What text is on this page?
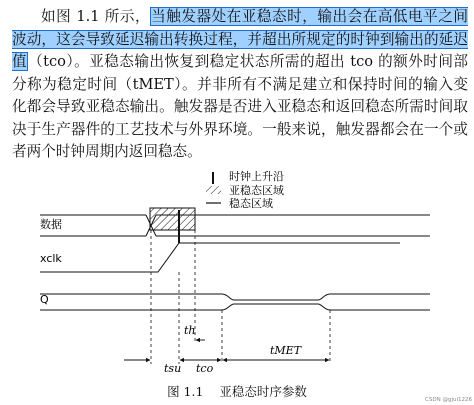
如图 1.1 所示，当触发器处在亚稳态时，输出会在高低电平之间波动，这会导致延迟输出转换过程，并超出所规定的时钟到输出的延迟值（tco）。亚稳态输出恢复到稳定状态所需的超出 tco 的额外时间部分称为稳定时间（tMET）。并非所有不满足建立和保持时间的输入变化都会导致亚稳态输出。触发器是否进入亚稳态和返回稳态所需时间取决于生产器件的工艺技术与外界环境。一般来说，触发器都会在一个或者两个时钟周期内返回稳态。

时钟上升沿
亚稳态区域
稳态区域
数据
xclk
Q
tsu
th
tco
tMET
图 1.1 亚稳态时序参数
CSDN @gjui1226
